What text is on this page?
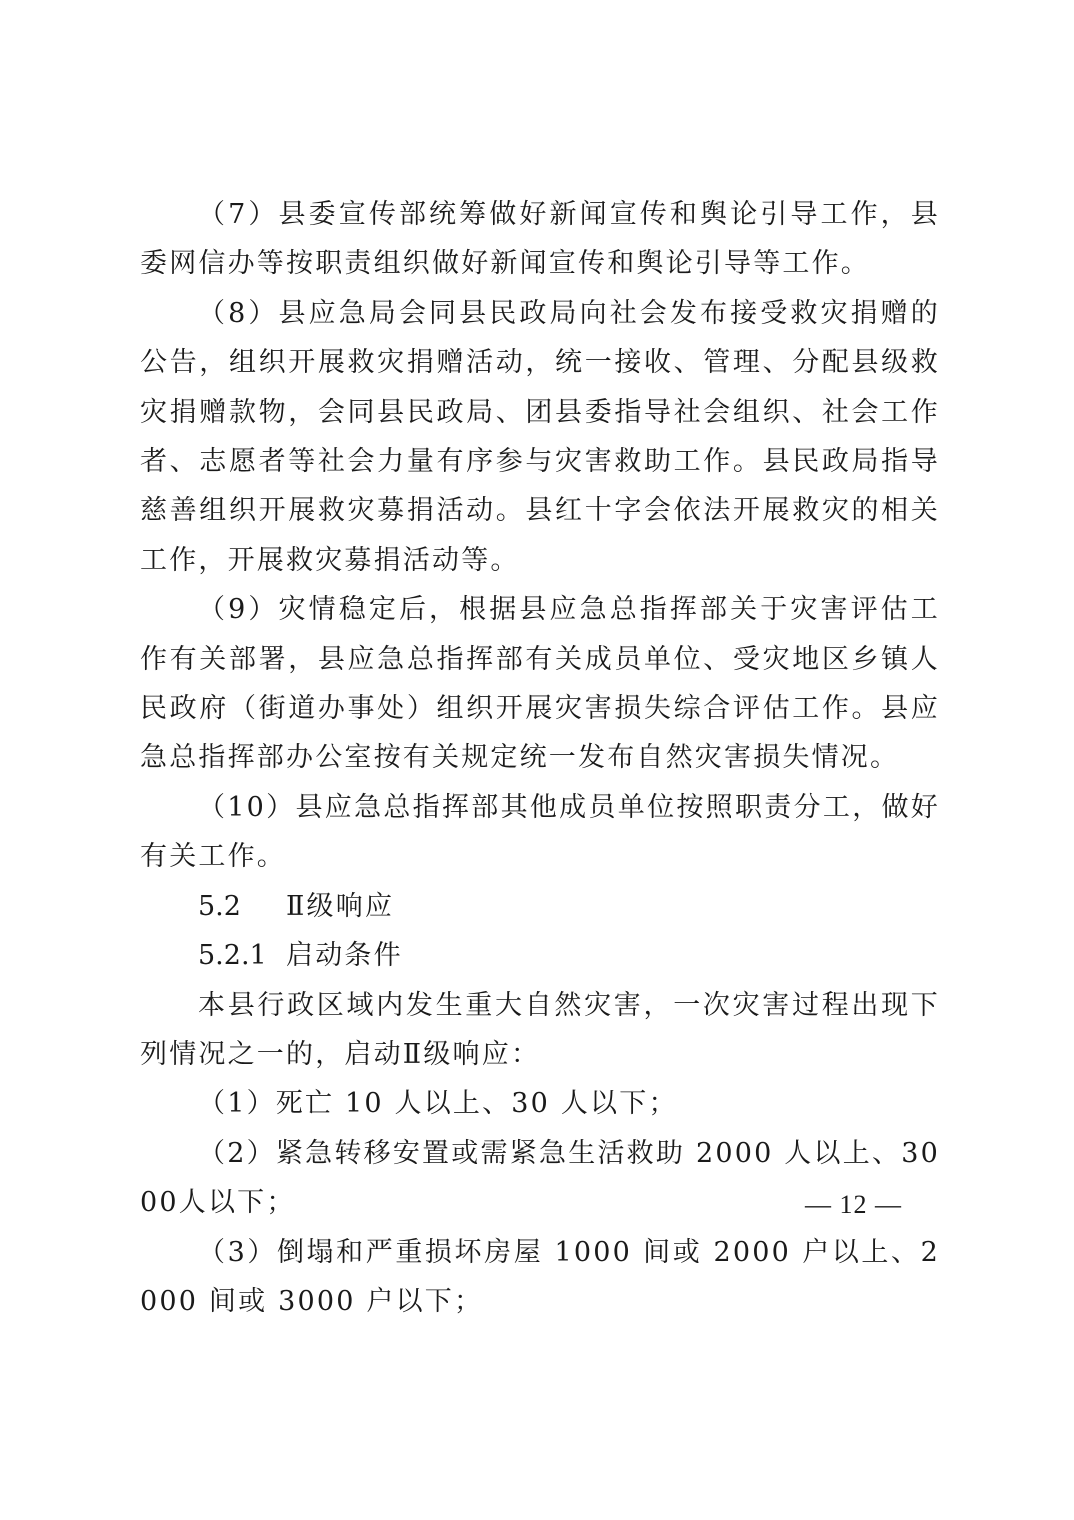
（7）县委宣传部统筹做好新闻宣传和舆论引导工作，县委网信办等按职责组织做好新闻宣传和舆论引导等工作。

（8）县应急局会同县民政局向社会发布接受救灾捐赠的公告，组织开展救灾捐赠活动，统一接收、管理、分配县级救灾捐赠款物，会同县民政局、团县委指导社会组织、社会工作者、志愿者等社会力量有序参与灾害救助工作。县民政局指导慈善组织开展救灾募捐活动。县红十字会依法开展救灾的相关工作，开展救灾募捐活动等。

（9）灾情稳定后，根据县应急总指挥部关于灾害评估工作有关部署，县应急总指挥部有关成员单位、受灾地区乡镇人民政府（街道办事处）组织开展灾害损失综合评估工作。县应急总指挥部办公室按有关规定统一发布自然灾害损失情况。

（10）县应急总指挥部其他成员单位按照职责分工，做好有关工作。

5.2 Ⅱ级响应

5.2.1 启动条件

本县行政区域内发生重大自然灾害，一次灾害过程出现下列情况之一的，启动Ⅱ级响应：

（1）死亡 10 人以上、30 人以下；

（2）紧急转移安置或需紧急生活救助 2000 人以上、3000人以下；

（3）倒塌和严重损坏房屋 1000 间或 2000 户以上、2000 间或 3000 户以下；

— 12 —
